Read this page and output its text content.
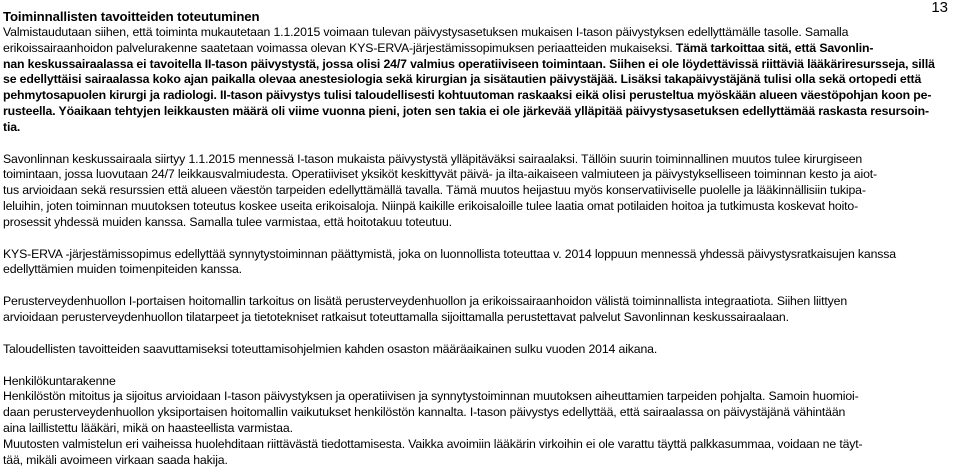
13
Toiminnallisten tavoitteiden toteutuminen

Valmistaudutaan siihen, että toiminta mukautetaan 1.1.2015 voimaan tulevan päivystysasetuksen mukaisen I-tason päivystyksen edellyttämälle tasolle. Samalla
erikoissairaanhoidon palvelurakenne saatetaan voimassa olevan KYS-ERVA-järjestämissopimuksen periaatteiden mukaiseksi. Tämä tarkoittaa sitä, että Savonlin-
nan keskussairaalassa ei tavoitella II-tason päivystystä, jossa olisi 24/7 valmius operatiiviseen toimintaan. Siihen ei ole löydettävissä riittäviä lääkäriresursseja, sillä
se edellyttäisi sairaalassa koko ajan paikalla olevaa anestesiologia sekä kirurgian ja sisätautien päivystäjää. Lisäksi takapäivystäjänä tulisi olla sekä ortopedi että
pehmytosapuolen kirurgi ja radiologi. II-tason päivystys tulisi taloudellisesti kohtuutoman raskaaksi eikä olisi perusteltua myöskään alueen väestöpohjan koon pe-
rusteella. Yöaikaan tehtyjen leikkausten määrä oli viime vuonna pieni, joten sen takia ei ole järkevää ylläpitää päivystysasetuksen edellyttämää raskasta resursoin-
tia.

Savonlinnan keskussairaala siirtyy 1.1.2015 mennessä I-tason mukaista päivystystä ylläpitäväksi sairaalaksi. Tällöin suurin toiminnallinen muutos tulee kirurgiseen
toimintaan, jossa luovutaan 24/7 leikkausvalmiudesta. Operatiiviset yksiköt keskittyvät päivä- ja ilta-aikaiseen valmiuteen ja päivystykselliseen toiminnan kesto ja aiot-
tus arvioidaan sekä resurssien että alueen väestön tarpeiden edellyttämällä tavalla. Tämä muutos heijastuu myös konservatiiviselle puolelle ja lääkinnällisiin tukipa-
leluihin, joten toiminnan muutoksen toteutus koskee useita erikoisaloja. Niinpä kaikille erikoisaloille tulee laatia omat potilaiden hoitoa ja tutkimusta koskevat hoito-
prosessit yhdessä muiden kanssa. Samalla tulee varmistaa, että hoitotakuu toteutuu.

KYS-ERVA -järjestämissopimus edellyttää synnytystoiminnan päättymistä, joka on luonnollista toteuttaa v. 2014 loppuun mennessä yhdessä päivystysratkaisujen kanssa
edellyttämien muiden toimenpiteiden kanssa.

Perusterveydenhuollon I-portaisen hoitomallin tarkoitus on lisätä perusterveydenhuollon ja erikoissairaanhoidon välistä toiminnallista integraatiota. Siihen liittyen
arvioidaan perusterveydenhuollon tilatarpeet ja tietotekniset ratkaisut toteuttamalla sijoittamalla perustettavat palvelut Savonlinnan keskussairaalaan.

Taloudellisten tavoitteiden saavuttamiseksi toteuttamisohjelmien kahden osaston määräaikainen sulku vuoden 2014 aikana.

Henkilökuntarakenne

Henkilöstön mitoitus ja sijoitus arvioidaan I-tason päivystyksen ja operatiivisen ja synnytystoiminnan muutoksen aiheuttamien tarpeiden pohjalta. Samoin huomioi-
daan perusterveydenhuollon yksiportaisen hoitomallin vaikutukset henkilöstön kannalta. I-tason päivystys edellyttää, että sairaalassa on päivystäjänä vähintään
aina laillistettu lääkäri, mikä on haasteellista varmistaa.
Muutosten valmistelun eri vaiheissa huolehditaan riittävästä tiedottamisesta. Vaikka avoimiin lääkärin virkoihin ei ole varattu täyttä palkkasummaa, voidaan ne täyt-
tää, mikäli avoimeen virkaan saada hakija.
